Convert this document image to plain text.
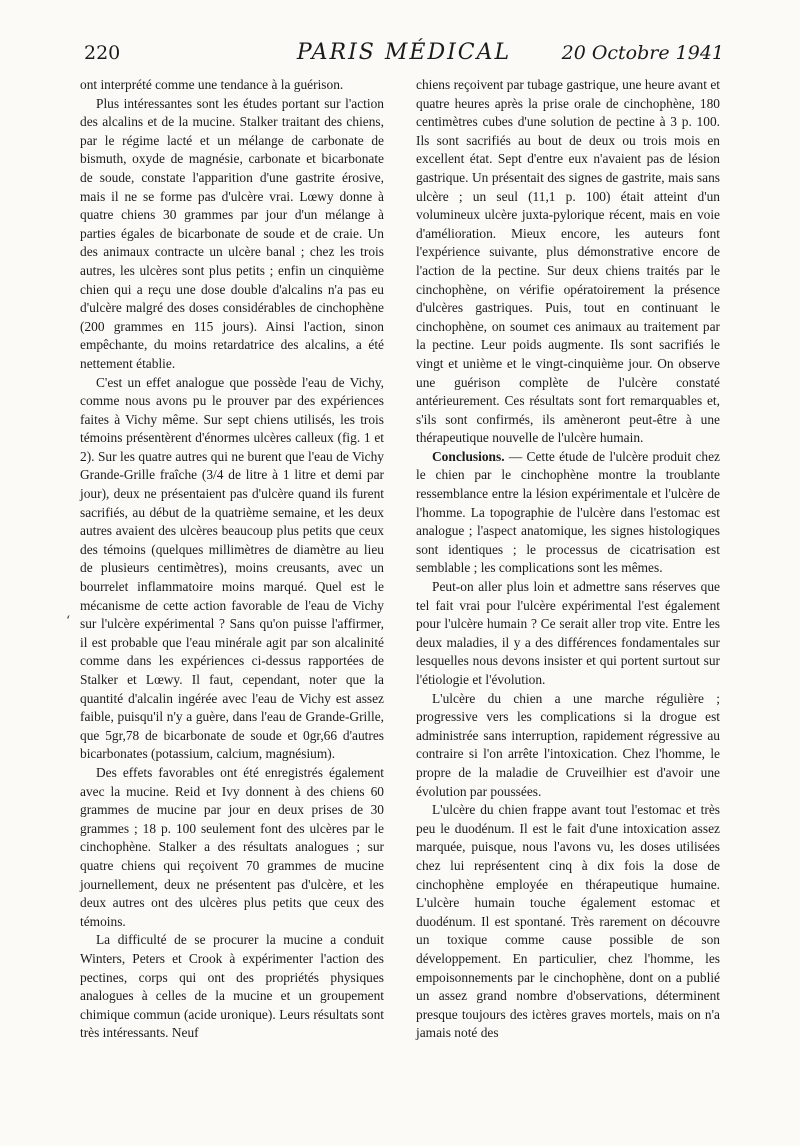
220	PARIS MÉDICAL	20 Octobre 1941
ʻ

ont interprété comme une tendance à la guérison.

Plus intéressantes sont les études portant sur l'action des alcalins et de la mucine. Stalker traitant des chiens, par le régime lacté et un mélange de carbonate de bismuth, oxyde de magnésie, carbonate et bicarbonate de soude, constate l'apparition d'une gastrite érosive, mais il ne se forme pas d'ulcère vrai. Lœwy donne à quatre chiens 30 grammes par jour d'un mélange à parties égales de bicarbonate de soude et de craie. Un des animaux contracte un ulcère banal ; chez les trois autres, les ulcères sont plus petits ; enfin un cinquième chien qui a reçu une dose double d'alcalins n'a pas eu d'ulcère malgré des doses considérables de cinchophène (200 grammes en 115 jours). Ainsi l'action, sinon empêchante, du moins retardatrice des alcalins, a été nettement établie.

C'est un effet analogue que possède l'eau de Vichy, comme nous avons pu le prouver par des expériences faites à Vichy même. Sur sept chiens utilisés, les trois témoins présentèrent d'énormes ulcères calleux (fig. 1 et 2). Sur les quatre autres qui ne burent que l'eau de Vichy Grande-Grille fraîche (3/4 de litre à 1 litre et demi par jour), deux ne présentaient pas d'ulcère quand ils furent sacrifiés, au début de la quatrième semaine, et les deux autres avaient des ulcères beaucoup plus petits que ceux des témoins (quelques millimètres de diamètre au lieu de plusieurs centimètres), moins creusants, avec un bourrelet inflammatoire moins marqué. Quel est le mécanisme de cette action favorable de l'eau de Vichy sur l'ulcère expérimental ? Sans qu'on puisse l'affirmer, il est probable que l'eau minérale agit par son alcalinité comme dans les expériences ci-dessus rapportées de Stalker et Lœwy. Il faut, cependant, noter que la quantité d'alcalin ingérée avec l'eau de Vichy est assez faible, puisqu'il n'y a guère, dans l'eau de Grande-Grille, que 5gr,78 de bicarbonate de soude et 0gr,66 d'autres bicarbonates (potassium, calcium, magnésium).

Des effets favorables ont été enregistrés également avec la mucine. Reid et Ivy donnent à des chiens 60 grammes de mucine par jour en deux prises de 30 grammes ; 18 p. 100 seulement font des ulcères par le cinchophène. Stalker a des résultats analogues ; sur quatre chiens qui reçoivent 70 grammes de mucine journellement, deux ne présentent pas d'ulcère, et les deux autres ont des ulcères plus petits que ceux des témoins.

La difficulté de se procurer la mucine a conduit Winters, Peters et Crook à expérimenter l'action des pectines, corps qui ont des propriétés physiques analogues à celles de la mucine et un groupement chimique commun (acide uronique). Leurs résultats sont très intéressants. Neuf

chiens reçoivent par tubage gastrique, une heure avant et quatre heures après la prise orale de cinchophène, 180 centimètres cubes d'une solution de pectine à 3 p. 100. Ils sont sacrifiés au bout de deux ou trois mois en excellent état. Sept d'entre eux n'avaient pas de lésion gastrique. Un présentait des signes de gastrite, mais sans ulcère ; un seul (11,1 p. 100) était atteint d'un volumineux ulcère juxta-pylorique récent, mais en voie d'amélioration. Mieux encore, les auteurs font l'expérience suivante, plus démonstrative encore de l'action de la pectine. Sur deux chiens traités par le cinchophène, on vérifie opératoirement la présence d'ulcères gastriques. Puis, tout en continuant le cinchophène, on soumet ces animaux au traitement par la pectine. Leur poids augmente. Ils sont sacrifiés le vingt et unième et le vingt-cinquième jour. On observe une guérison complète de l'ulcère constaté antérieurement. Ces résultats sont fort remarquables et, s'ils sont confirmés, ils amèneront peut-être à une thérapeutique nouvelle de l'ulcère humain.

Conclusions. — Cette étude de l'ulcère produit chez le chien par le cinchophène montre la troublante ressemblance entre la lésion expérimentale et l'ulcère de l'homme. La topographie de l'ulcère dans l'estomac est analogue ; l'aspect anatomique, les signes histologiques sont identiques ; le processus de cicatrisation est semblable ; les complications sont les mêmes.

Peut-on aller plus loin et admettre sans réserves que tel fait vrai pour l'ulcère expérimental l'est également pour l'ulcère humain ? Ce serait aller trop vite. Entre les deux maladies, il y a des différences fondamentales sur lesquelles nous devons insister et qui portent surtout sur l'étiologie et l'évolution.

L'ulcère du chien a une marche régulière ; progressive vers les complications si la drogue est administrée sans interruption, rapidement régressive au contraire si l'on arrête l'intoxication. Chez l'homme, le propre de la maladie de Cruveilhier est d'avoir une évolution par poussées.

L'ulcère du chien frappe avant tout l'estomac et très peu le duodénum. Il est le fait d'une intoxication assez marquée, puisque, nous l'avons vu, les doses utilisées chez lui représentent cinq à dix fois la dose de cinchophène employée en thérapeutique humaine. L'ulcère humain touche également estomac et duodénum. Il est spontané. Très rarement on découvre un toxique comme cause possible de son développement. En particulier, chez l'homme, les empoisonnements par le cinchophène, dont on a publié un assez grand nombre d'observations, déterminent presque toujours des ictères graves mortels, mais on n'a jamais noté des
